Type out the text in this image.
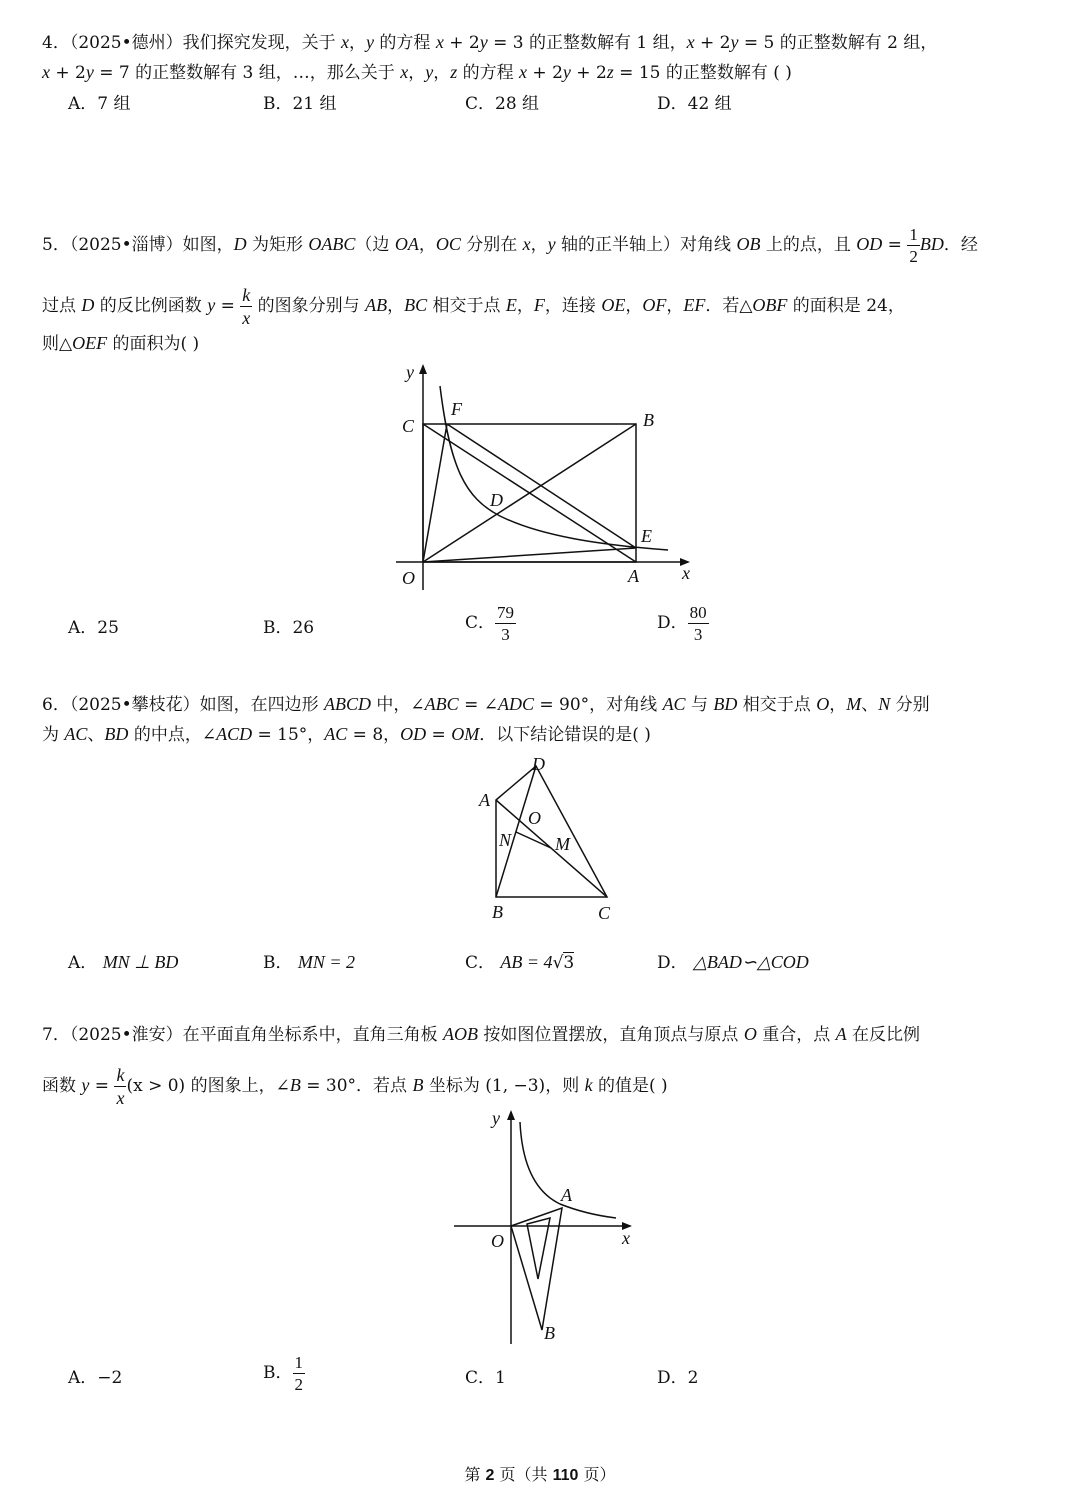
4．（2025•德州）我们探究发现，关于 x，y 的方程 x + 2y = 3 的正整数解有 1 组，x + 2y = 5 的正整数解有 2 组，
x + 2y = 7 的正整数解有 3 组，…，那么关于 x，y，z 的方程 x + 2y + 2z = 15 的正整数解有 ( )
A．7 组	B．21 组	C．28 组	D．42 组
5．（2025•淄博）如图，D 为矩形 OABC（边 OA，OC 分别在 x，y 轴的正半轴上）对角线 OB 上的点，且 OD = $\frac{1}{2}$ BD．经
过点 D 的反比例函数 $y = \frac{k}{x}$ 的图象分别与 AB，BC 相交于点 E，F，连接 OE，OF，EF．若△OBF 的面积是 24，
则△OEF 的面积为( )
y
x
O	A
B
C
D
E
F
A．25	B．26	C． $\frac{79}{3}$	D． $\frac{80}{3}$
6．（2025•攀枝花）如图，在四边形 ABCD 中，∠ABC = ∠ADC = 90°，对角线 AC 与 BD 相交于点 O，M、N 分别
为 AC、BD 的中点，∠ACD = 15°，AC = 8，OD = OM．以下结论错误的是( )
A
B	C
D
O
N M
A． MN ⊥ BD	B． MN = 2	C． AB = 4√3	D． △BAD∽△COD
7．（2025•淮安）在平面直角坐标系中，直角三角板 AOB 按如图位置摆放，直角顶点与原点 O 重合，点 A 在反比例
函数 $y = \frac{k}{x} (x > 0)$ 的图象上，∠B = 30°．若点 B 坐标为 (1, −3)，则 k 的值是( )
y
x
O
A
B
A．−2	B． $\frac{1}{2}$	C．1	D．2
第 2 页（共 110 页）
